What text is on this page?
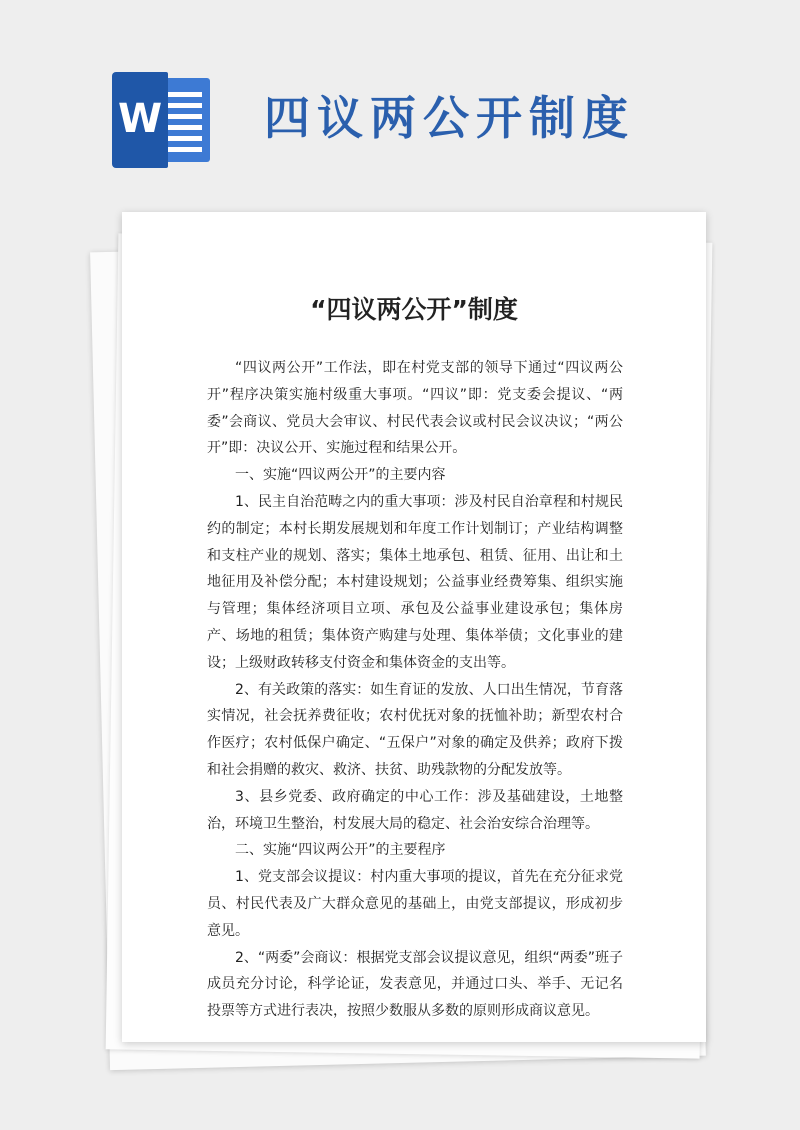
W 四议两公开制度
“四议两公开”制度

“四议两公开”工作法，即在村党支部的领导下通过“四议两公开”程序决策实施村级重大事项。“四议”即：党支委会提议、“两委”会商议、党员大会审议、村民代表会议或村民会议决议；“两公开”即：决议公开、实施过程和结果公开。

一、实施“四议两公开”的主要内容

1、民主自治范畴之内的重大事项：涉及村民自治章程和村规民约的制定；本村长期发展规划和年度工作计划制订；产业结构调整和支柱产业的规划、落实；集体土地承包、租赁、征用、出让和土地征用及补偿分配；本村建设规划；公益事业经费筹集、组织实施与管理；集体经济项目立项、承包及公益事业建设承包；集体房产、场地的租赁；集体资产购建与处理、集体举债；文化事业的建设；上级财政转移支付资金和集体资金的支出等。

2、有关政策的落实：如生育证的发放、人口出生情况，节育落实情况，社会抚养费征收；农村优抚对象的抚恤补助；新型农村合作医疗；农村低保户确定、“五保户”对象的确定及供养；政府下拨和社会捐赠的救灾、救济、扶贫、助残款物的分配发放等。

3、县乡党委、政府确定的中心工作：涉及基础建设，土地整治，环境卫生整治，村发展大局的稳定、社会治安综合治理等。

二、实施“四议两公开”的主要程序

1、党支部会议提议：村内重大事项的提议，首先在充分征求党员、村民代表及广大群众意见的基础上，由党支部提议，形成初步意见。

2、“两委”会商议：根据党支部会议提议意见，组织“两委”班子成员充分讨论，科学论证，发表意见，并通过口头、举手、无记名投票等方式进行表决，按照少数服从多数的原则形成商议意见。
